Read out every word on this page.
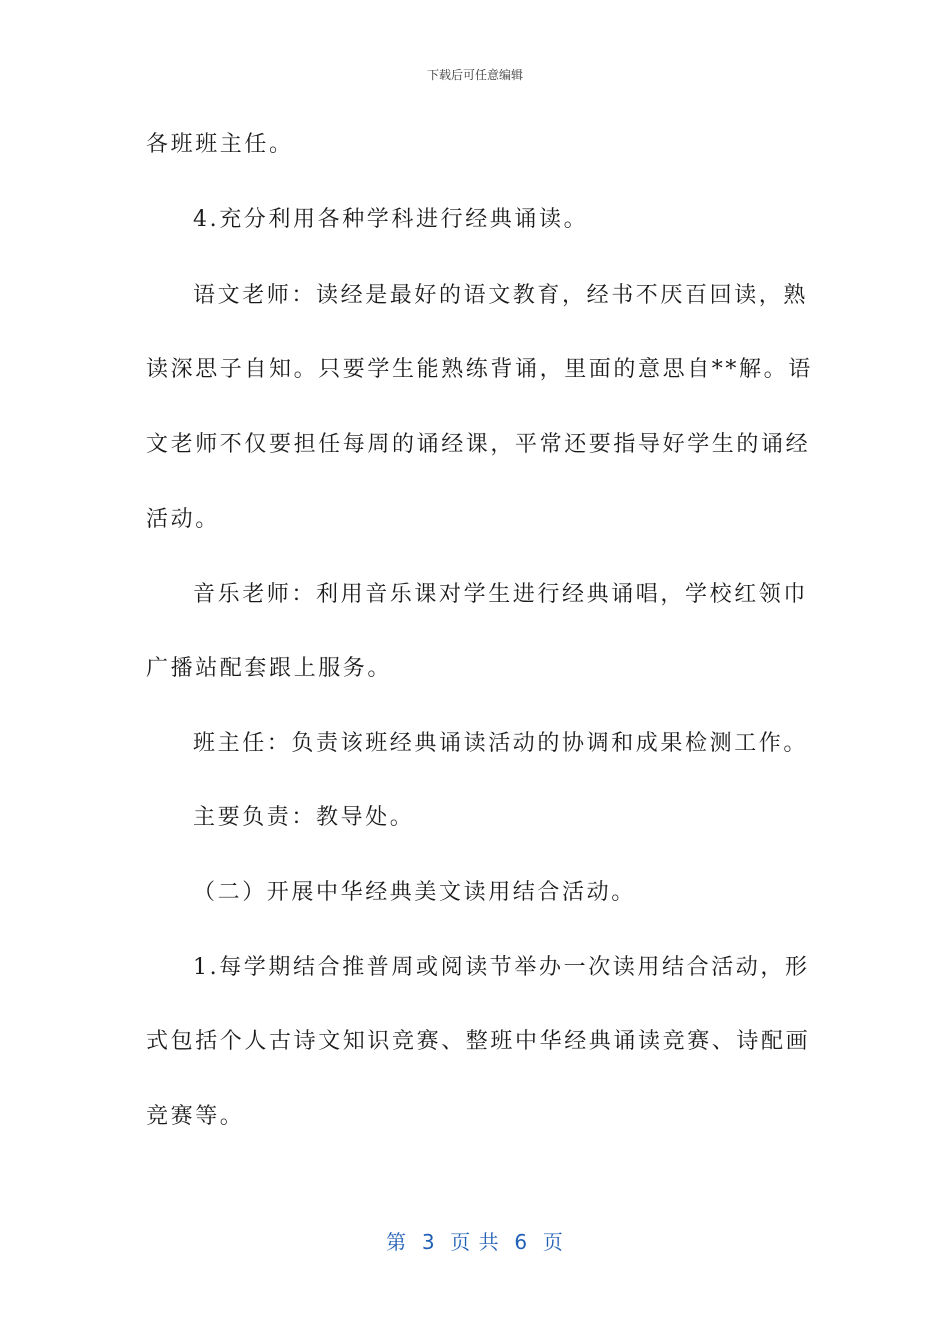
下载后可任意编辑
各班班主任。
4.充分利用各种学科进行经典诵读。
语文老师：读经是最好的语文教育，经书不厌百回读，熟
读深思子自知。只要学生能熟练背诵，里面的意思自**解。语
文老师不仅要担任每周的诵经课，平常还要指导好学生的诵经
活动。
音乐老师：利用音乐课对学生进行经典诵唱，学校红领巾
广播站配套跟上服务。
班主任：负责该班经典诵读活动的协调和成果检测工作。
主要负责：教导处。
（二）开展中华经典美文读用结合活动。
1.每学期结合推普周或阅读节举办一次读用结合活动，形
式包括个人古诗文知识竞赛、整班中华经典诵读竞赛、诗配画
竞赛等。
第  3  页 共  6  页
